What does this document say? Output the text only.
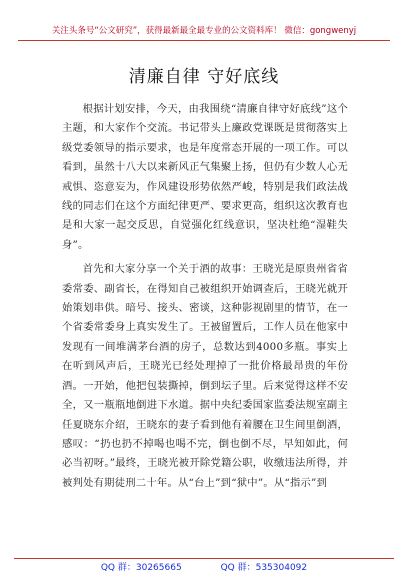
关注头条号“公文研究”，获得最新最全最专业的公文资料库！ 微信：gongwenyj
清廉自律 守好底线

根据计划安排，今天，由我围绕“清廉自律守好底线”这个主题，和大家作个交流。书记带头上廉政党课既是贯彻落实上级党委领导的指示要求，也是年度常态开展的一项工作。可以看到，虽然十八大以来新风正气集聚上扬，但仍有少数人心无戒惧、恣意妄为，作风建设形势依然严峻，特别是我们政法战线的同志们在这个方面纪律更严、要求更高，组织这次教育也是和大家一起交反思，自觉强化红线意识，坚决杜绝“湿鞋失身”。

首先和大家分享一个关于酒的故事：王晓光是原贵州省省委常委、副省长，在得知自己被组织开始调查后，王晓光就开始策划串供。暗号、接头、密谈，这种影视剧里的情节，在一个省委常委身上真实发生了。王被留置后，工作人员在他家中发现有一间堆满茅台酒的房子，总数达到4000多瓶。事实上在听到风声后，王晓光已经处理掉了一批价格最昂贵的年份酒。一开始，他把包装撕掉，倒到坛子里。后来觉得这样不安全，又一瓶瓶地倒进下水道。据中央纪委国家监委法规室副主任夏晓东介绍，王晓东的妻子看到他有着腰在卫生间里倒酒，感叹：“扔也扔不掉喝也喝不完，倒也倒不尽，早知如此，何必当初呀。”最终，王晓光被开除党籍公职，收缴违法所得，并被判处有期徒刑二十年。从“台上”到“狱中”。从“指示”到

QQ 群：30265665	QQ 群：535304092
